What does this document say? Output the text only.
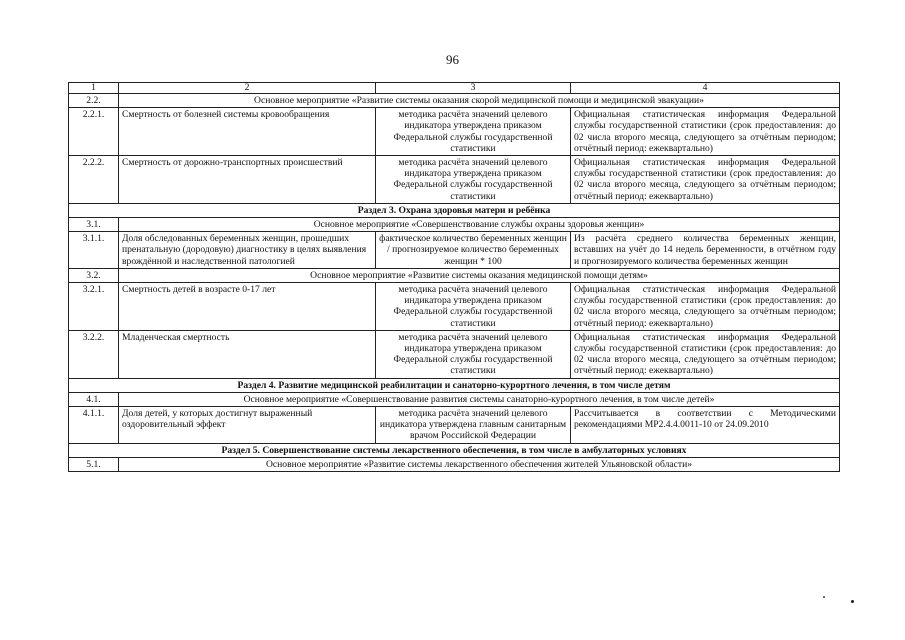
96
1	2	3	4
2.2.	Основное мероприятие «Развитие системы оказания скорой медицинской помощи и медицинской эвакуации»		
2.2.1.	Смертность от болезней системы кровообращения	методика расчёта значений целевого индикатора утверждена приказом Федеральной службы государственной статистики	Официальная статистическая информация Федеральной службы государственной статистики (срок предоставления: до 02 числа второго месяца, следующего за отчётным периодом; отчётный период: ежеквартально)
2.2.2.	Смертность от дорожно-транспортных происшествий	методика расчёта значений целевого индикатора утверждена приказом Федеральной службы государственной статистики	Официальная статистическая информация Федеральной службы государственной статистики (срок предоставления: до 02 числа второго месяца, следующего за отчётным периодом; отчётный период: ежеквартально)
Раздел 3. Охрана здоровья матери и ребёнка			
3.1.	Основное мероприятие «Совершенствование службы охраны здоровья женщин»		
3.1.1.	Доля обследованных беременных женщин, прошедших пренатальную (дородовую) диагностику в целях выявления врождённой и наследственной патологией	фактическое количество беременных женщин / прогнозируемое количество беременных женщин * 100	Из расчёта среднего количества беременных женщин, вставших на учёт до 14 недель беременности, в отчётном году и прогнозируемого количества беременных женщин
3.2.	Основное мероприятие «Развитие системы оказания медицинской помощи детям»		
3.2.1.	Смертность детей в возрасте 0-17 лет	методика расчёта значений целевого индикатора утверждена приказом Федеральной службы государственной статистики	Официальная статистическая информация Федеральной службы государственной статистики (срок предоставления: до 02 числа второго месяца, следующего за отчётным периодом; отчётный период: ежеквартально)
3.2.2.	Младенческая смертность	методика расчёта значений целевого индикатора утверждена приказом Федеральной службы государственной статистики	Официальная статистическая информация Федеральной службы государственной статистики (срок предоставления: до 02 числа второго месяца, следующего за отчётным периодом; отчётный период: ежеквартально)
Раздел 4. Развитие медицинской реабилитации и санаторно-курортного лечения, в том числе детям			
4.1.	Основное мероприятие «Совершенствование развития системы санаторно-курортного лечения, в том числе детей»		
4.1.1.	Доля детей, у которых достигнут выраженный оздоровительный эффект	методика расчёта значений целевого индикатора утверждена главным санитарным врачом Российской Федерации	Рассчитывается в соответствии с Методическими рекомендациями МР2.4.4.0011-10 от 24.09.2010
Раздел 5. Совершенствование системы лекарственного обеспечения, в том числе в амбулаторных условиях			
5.1.	Основное мероприятие «Развитие системы лекарственного обеспечения жителей Ульяновской области»		
